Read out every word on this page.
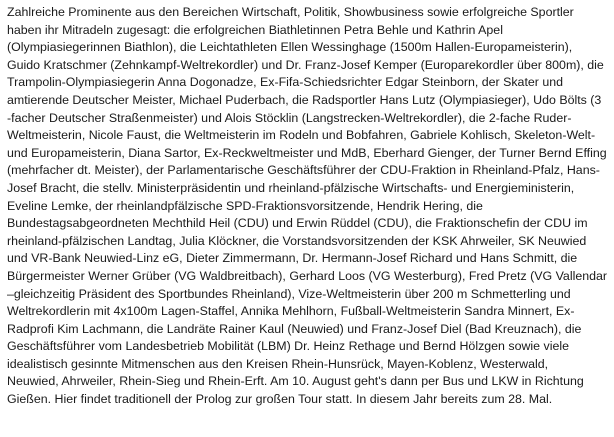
Zahlreiche Prominente aus den Bereichen Wirtschaft, Politik, Showbusiness sowie erfolgreiche Sportler
haben ihr Mitradeln zugesagt: die erfolgreichen Biathletinnen Petra Behle und Kathrin Apel
(Olympiasiegerinnen Biathlon), die Leichtathleten Ellen Wessinghage (1500m Hallen-Europameisterin),
Guido Kratschmer (Zehnkampf-Weltrekordler) und Dr. Franz-Josef Kemper (Europarekordler über 800m), die
Trampolin-Olympiasiegerin Anna Dogonadze, Ex-Fifa-Schiedsrichter Edgar Steinborn, der Skater und
amtierende Deutscher Meister, Michael Puderbach, die Radsportler Hans Lutz (Olympiasieger), Udo Bölts (3
-facher Deutscher Straßenmeister) und Alois Stöcklin (Langstrecken-Weltrekordler), die 2-fache Ruder-
Weltmeisterin, Nicole Faust, die Weltmeisterin im Rodeln und Bobfahren, Gabriele Kohlisch, Skeleton-Welt-
und Europameisterin, Diana Sartor, Ex-Reckweltmeister und MdB, Eberhard Gienger, der Turner Bernd Effing
(mehrfacher dt. Meister), der Parlamentarische Geschäftsführer der CDU-Fraktion in Rheinland-Pfalz, Hans-
Josef Bracht, die stellv. Ministerpräsidentin und rheinland-pfälzische Wirtschafts- und Energieministerin,
Eveline Lemke, der rheinlandpfälzische SPD-Fraktionsvorsitzende, Hendrik Hering, die
Bundestagsabgeordneten Mechthild Heil (CDU) und Erwin Rüddel (CDU), die Fraktionschefin der CDU im
rheinland-pfälzischen Landtag, Julia Klöckner, die Vorstandsvorsitzenden der KSK Ahrweiler, SK Neuwied
und VR-Bank Neuwied-Linz eG, Dieter Zimmermann, Dr. Hermann-Josef Richard und Hans Schmitt, die
Bürgermeister Werner Grüber (VG Waldbreitbach), Gerhard Loos (VG Westerburg), Fred Pretz (VG Vallendar
–gleichzeitig Präsident des Sportbundes Rheinland), Vize-Weltmeisterin über 200 m Schmetterling und
Weltrekordlerin mit 4x100m Lagen-Staffel, Annika Mehlhorn, Fußball-Weltmeisterin Sandra Minnert, Ex-
Radprofi Kim Lachmann, die Landräte Rainer Kaul (Neuwied) und Franz-Josef Diel (Bad Kreuznach), die
Geschäftsführer vom Landesbetrieb Mobilität (LBM) Dr. Heinz Rethage und Bernd Hölzgen sowie viele
idealistisch gesinnte Mitmenschen aus den Kreisen Rhein-Hunsrück, Mayen-Koblenz, Westerwald,
Neuwied, Ahrweiler, Rhein-Sieg und Rhein-Erft. Am 10. August geht's dann per Bus und LKW in Richtung
Gießen. Hier findet traditionell der Prolog zur großen Tour statt. In diesem Jahr bereits zum 28. Mal.
